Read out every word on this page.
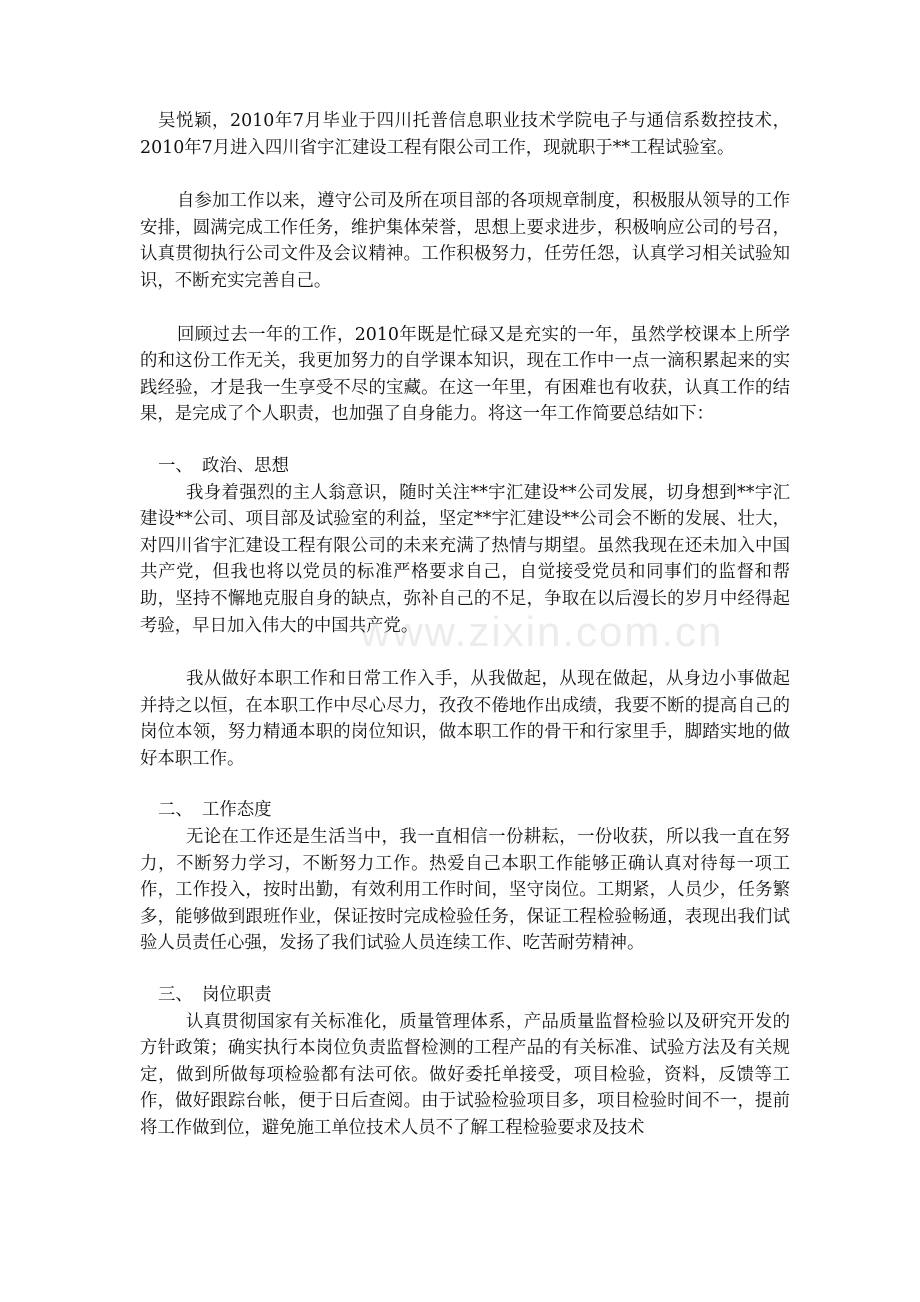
www.zixin.com.cn

吴悦颖，2010年7月毕业于四川托普信息职业技术学院电子与通信系数控技术，2010年7月进入四川省宇汇建设工程有限公司工作，现就职于**工程试验室。

自参加工作以来，遵守公司及所在项目部的各项规章制度，积极服从领导的工作安排，圆满完成工作任务，维护集体荣誉，思想上要求进步，积极响应公司的号召，认真贯彻执行公司文件及会议精神。工作积极努力，任劳任怨，认真学习相关试验知识，不断充实完善自己。

回顾过去一年的工作，2010年既是忙碌又是充实的一年，虽然学校课本上所学的和这份工作无关，我更加努力的自学课本知识，现在工作中一点一滴积累起来的实践经验，才是我一生享受不尽的宝藏。在这一年里，有困难也有收获，认真工作的结果，是完成了个人职责，也加强了自身能力。将这一年工作简要总结如下：

一、 政治、思想

我身着强烈的主人翁意识，随时关注**宇汇建设**公司发展，切身想到**宇汇建设**公司、项目部及试验室的利益，坚定**宇汇建设**公司会不断的发展、壮大，对四川省宇汇建设工程有限公司的未来充满了热情与期望。虽然我现在还未加入中国共产党，但我也将以党员的标准严格要求自己，自觉接受党员和同事们的监督和帮助，坚持不懈地克服自身的缺点，弥补自己的不足，争取在以后漫长的岁月中经得起考验，早日加入伟大的中国共产党。

我从做好本职工作和日常工作入手，从我做起，从现在做起，从身边小事做起并持之以恒，在本职工作中尽心尽力，孜孜不倦地作出成绩，我要不断的提高自己的岗位本领，努力精通本职的岗位知识，做本职工作的骨干和行家里手，脚踏实地的做好本职工作。

二、 工作态度

无论在工作还是生活当中，我一直相信一份耕耘，一份收获，所以我一直在努力，不断努力学习，不断努力工作。热爱自己本职工作能够正确认真对待每一项工作，工作投入，按时出勤，有效利用工作时间，坚守岗位。工期紧，人员少，任务繁多，能够做到跟班作业，保证按时完成检验任务，保证工程检验畅通，表现出我们试验人员责任心强，发扬了我们试验人员连续工作、吃苦耐劳精神。

三、 岗位职责

认真贯彻国家有关标准化，质量管理体系，产品质量监督检验以及研究开发的方针政策；确实执行本岗位负责监督检测的工程产品的有关标准、试验方法及有关规定，做到所做每项检验都有法可依。做好委托单接受，项目检验，资料，反馈等工作，做好跟踪台帐，便于日后查阅。由于试验检验项目多，项目检验时间不一，提前将工作做到位，避免施工单位技术人员不了解工程检验要求及技术
